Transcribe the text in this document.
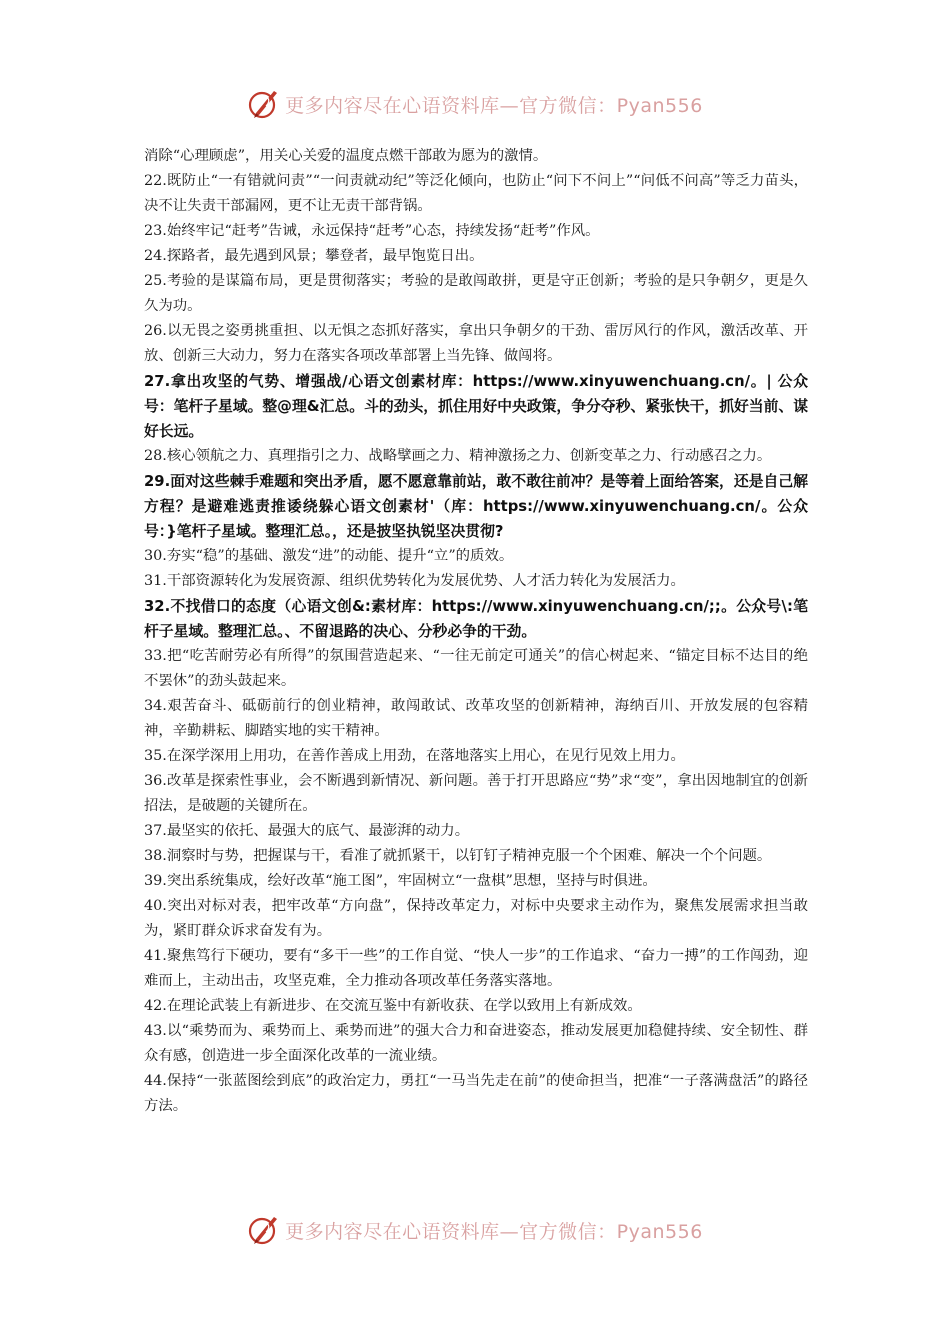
更多内容尽在心语资料库—官方微信：Pyan556

消除“心理顾虑”，用关心关爱的温度点燃干部敢为愿为的激情。

22.既防止“一有错就问责”“一问责就动纪”等泛化倾向，也防止“问下不问上”“问低不问高”等乏力苗头，决不让失责干部漏网，更不让无责干部背锅。

23.始终牢记“赶考”告诫，永远保持“赶考”心态，持续发扬“赶考”作风。

24.探路者，最先遇到风景；攀登者，最早饱览日出。

25.考验的是谋篇布局，更是贯彻落实；考验的是敢闯敢拼，更是守正创新；考验的是只争朝夕，更是久久为功。

26.以无畏之姿勇挑重担、以无惧之态抓好落实，拿出只争朝夕的干劲、雷厉风行的作风，激活改革、开放、创新三大动力，努力在落实各项改革部署上当先锋、做闯将。

27.拿出攻坚的气势、增强战/心语文创素材库：https://www.xinyuwenchuang.cn/。| 公众号：笔杆子星域。整@理&汇总。斗的劲头，抓住用好中央政策，争分夺秒、紧张快干，抓好当前、谋好长远。

28.核心领航之力、真理指引之力、战略擘画之力、精神激扬之力、创新变革之力、行动感召之力。

29.面对这些棘手难题和突出矛盾，愿不愿意靠前站，敢不敢往前冲？是等着上面给答案，还是自己解方程？是避难逃责推诿绕躲心语文创素材'（库：https://www.xinyuwenchuang.cn/。公众号：}笔杆子星域。整理汇总。，还是披坚执锐坚决贯彻?

30.夯实“稳”的基础、激发“进”的动能、提升“立”的质效。

31.干部资源转化为发展资源、组织优势转化为发展优势、人才活力转化为发展活力。

32.不找借口的态度（心语文创&:素材库：https://www.xinyuwenchuang.cn/;;。公众号\:笔杆子星域。整理汇总。、不留退路的决心、分秒必争的干劲。

33.把“吃苦耐劳必有所得”的氛围营造起来、“一往无前定可通关”的信心树起来、“锚定目标不达目的绝不罢休”的劲头鼓起来。

34.艰苦奋斗、砥砺前行的创业精神，敢闯敢试、改革攻坚的创新精神，海纳百川、开放发展的包容精神，辛勤耕耘、脚踏实地的实干精神。

35.在深学深用上用功，在善作善成上用劲，在落地落实上用心，在见行见效上用力。

36.改革是探索性事业，会不断遇到新情况、新问题。善于打开思路应“势”求“变”，拿出因地制宜的创新招法，是破题的关键所在。

37.最坚实的依托、最强大的底气、最澎湃的动力。

38.洞察时与势，把握谋与干，看准了就抓紧干，以钉钉子精神克服一个个困难、解决一个个问题。

39.突出系统集成，绘好改革“施工图”，牢固树立“一盘棋”思想，坚持与时俱进。

40.突出对标对表，把牢改革“方向盘”，保持改革定力，对标中央要求主动作为，聚焦发展需求担当敢为，紧盯群众诉求奋发有为。

41.聚焦笃行下硬功，要有“多干一些”的工作自觉、“快人一步”的工作追求、“奋力一搏”的工作闯劲，迎难而上，主动出击，攻坚克难，全力推动各项改革任务落实落地。

42.在理论武装上有新进步、在交流互鉴中有新收获、在学以致用上有新成效。

43.以“乘势而为、乘势而上、乘势而进”的强大合力和奋进姿态，推动发展更加稳健持续、安全韧性、群众有感，创造进一步全面深化改革的一流业绩。

44.保持“一张蓝图绘到底”的政治定力，勇扛“一马当先走在前”的使命担当，把准“一子落满盘活”的路径方法。

更多内容尽在心语资料库—官方微信：Pyan556
